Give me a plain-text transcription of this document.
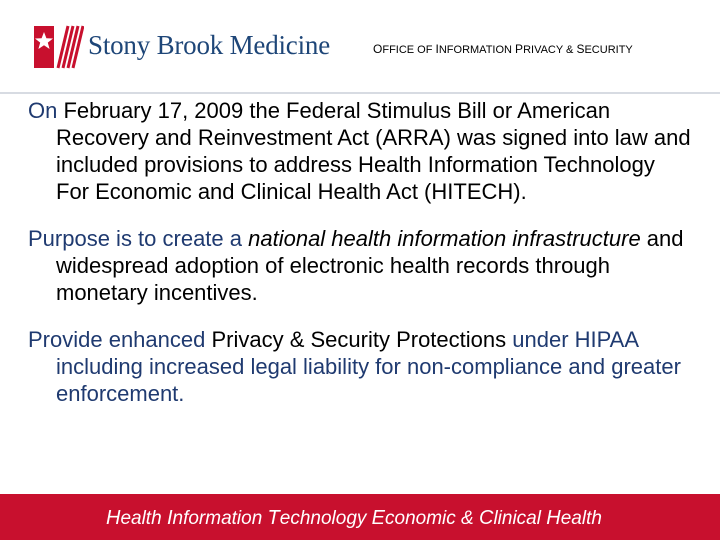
Stony Brook Medicine	OFFICE OF INFORMATION PRIVACY & SECURITY

On February 17, 2009 the Federal Stimulus Bill or American Recovery and Reinvestment Act (ARRA) was signed into law and included provisions to address Health Information Technology For Economic and Clinical Health Act (HITECH).

Purpose is to create a national health information infrastructure and widespread adoption of electronic health records through monetary incentives.

Provide enhanced Privacy & Security Protections under HIPAA including increased legal liability for non-compliance and greater enforcement.

Health Information Technology Economic & Clinical Health
